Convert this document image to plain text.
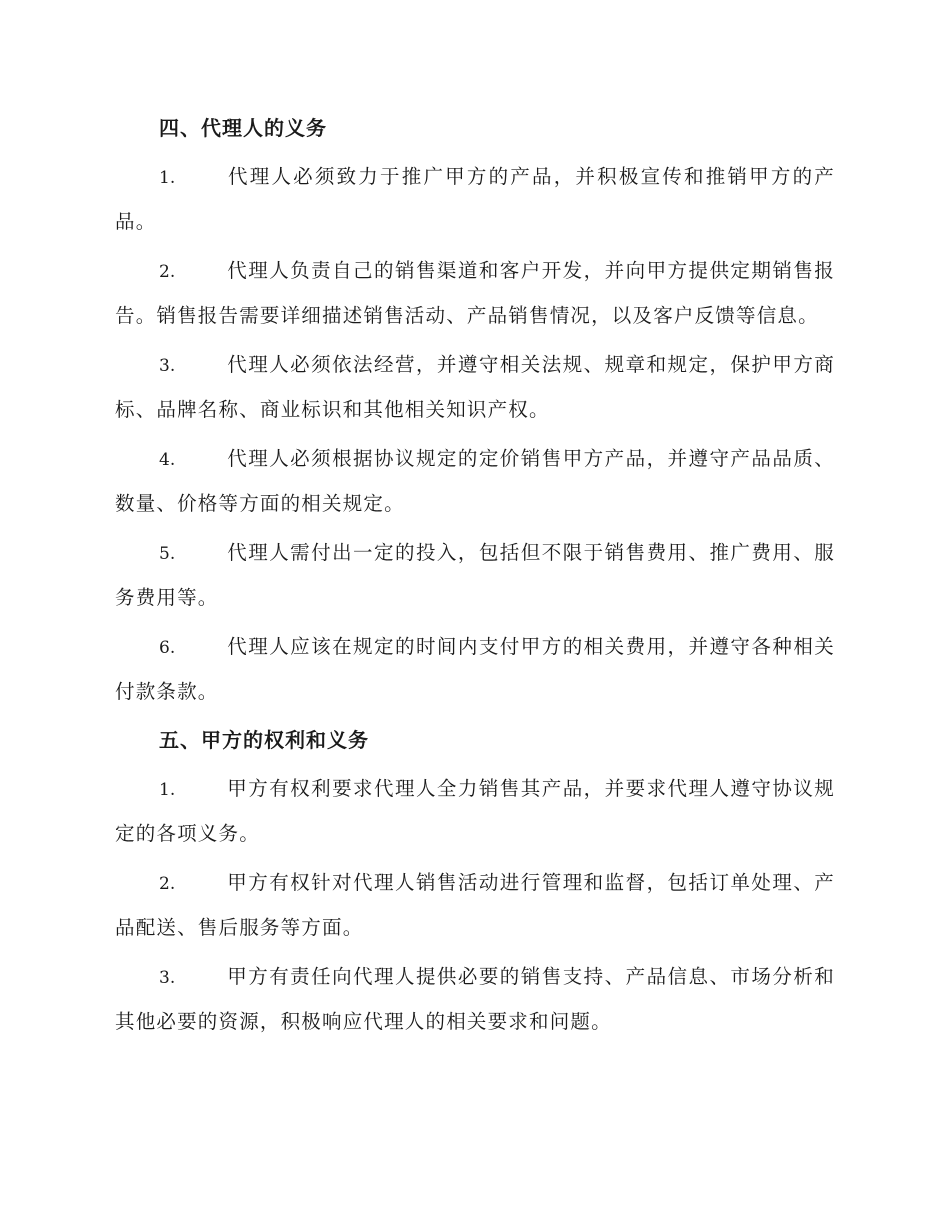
四、代理人的义务

1.	代理人必须致力于推广甲方的产品，并积极宣传和推销甲方的产品。

2.	代理人负责自己的销售渠道和客户开发，并向甲方提供定期销售报告。销售报告需要详细描述销售活动、产品销售情况，以及客户反馈等信息。

3.	代理人必须依法经营，并遵守相关法规、规章和规定，保护甲方商标、品牌名称、商业标识和其他相关知识产权。

4.	代理人必须根据协议规定的定价销售甲方产品，并遵守产品品质、数量、价格等方面的相关规定。

5.	代理人需付出一定的投入，包括但不限于销售费用、推广费用、服务费用等。

6.	代理人应该在规定的时间内支付甲方的相关费用，并遵守各种相关付款条款。

五、甲方的权利和义务

1.	甲方有权利要求代理人全力销售其产品，并要求代理人遵守协议规定的各项义务。

2.	甲方有权针对代理人销售活动进行管理和监督，包括订单处理、产品配送、售后服务等方面。

3.	甲方有责任向代理人提供必要的销售支持、产品信息、市场分析和其他必要的资源，积极响应代理人的相关要求和问题。
